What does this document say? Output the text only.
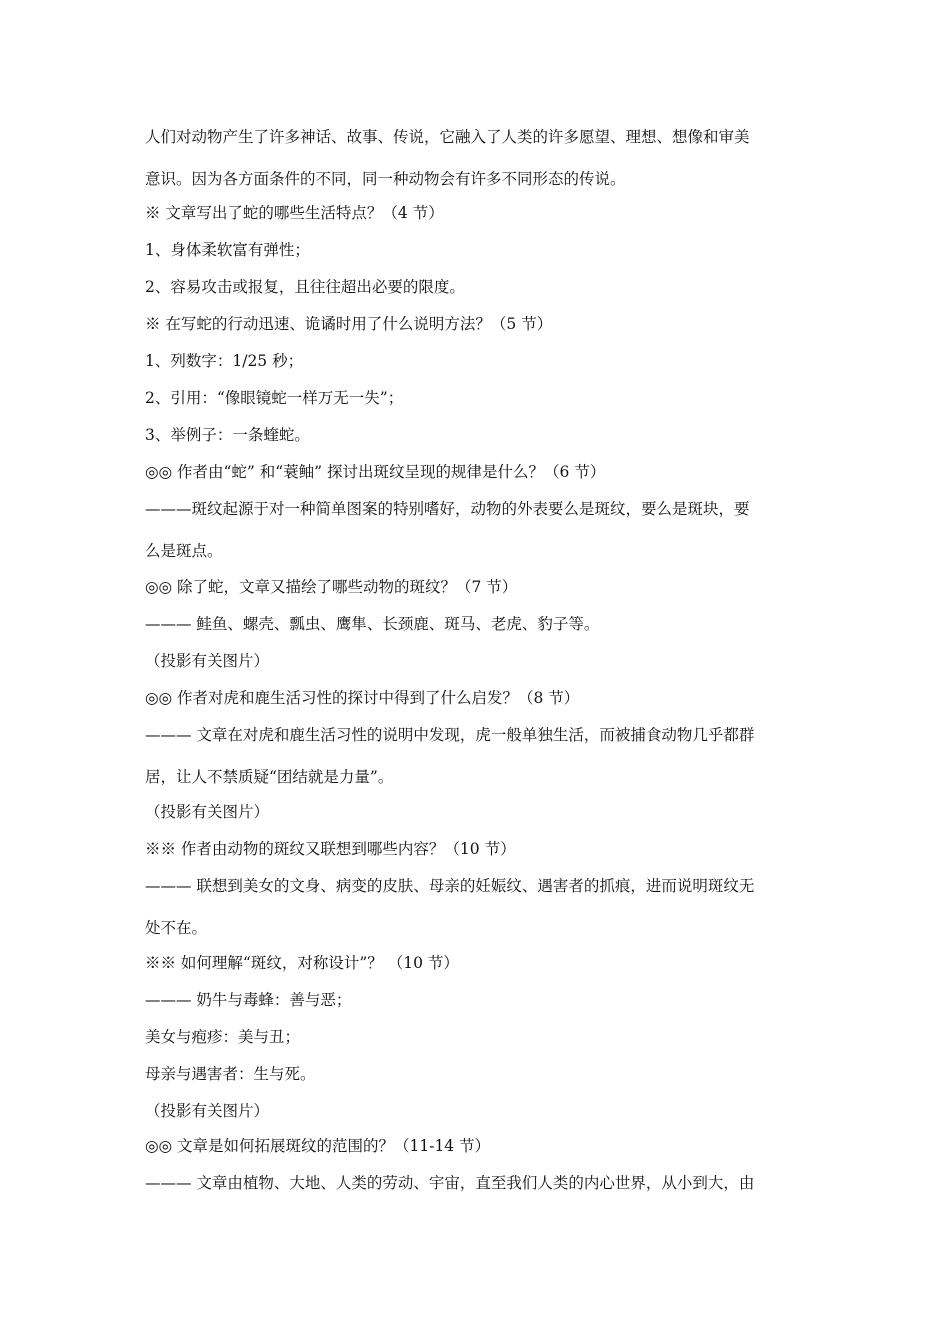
人们对动物产生了许多神话、故事、传说，它融入了人类的许多愿望、理想、想像和审美
意识。因为各方面条件的不同，同一种动物会有许多不同形态的传说。
※ 文章写出了蛇的哪些生活特点？（4 节）
1、身体柔软富有弹性；
2、容易攻击或报复，且往往超出必要的限度。
※ 在写蛇的行动迅速、诡谲时用了什么说明方法？（5 节）
1、列数字：1/25 秒；
2、引用：“像眼镜蛇一样万无一失”；
3、举例子：一条蝰蛇。
◎◎ 作者由“蛇” 和“蓑鲉” 探讨出斑纹呈现的规律是什么？（6 节）
———斑纹起源于对一种简单图案的特别嗜好，动物的外表要么是斑纹，要么是斑块，要
么是斑点。
◎◎ 除了蛇，文章又描绘了哪些动物的斑纹？（7 节）
——— 鲑鱼、螺壳、瓢虫、鹰隼、长颈鹿、斑马、老虎、豹子等。
（投影有关图片）
◎◎ 作者对虎和鹿生活习性的探讨中得到了什么启发？（8 节）
——— 文章在对虎和鹿生活习性的说明中发现，虎一般单独生活，而被捕食动物几乎都群
居，让人不禁质疑“团结就是力量”。
（投影有关图片）
※※ 作者由动物的斑纹又联想到哪些内容？（10 节）
——— 联想到美女的文身、病变的皮肤、母亲的妊娠纹、遇害者的抓痕，进而说明斑纹无
处不在。
※※ 如何理解“斑纹，对称设计”？ （10 节）
——— 奶牛与毒蜂：善与恶；
美女与疱疹：美与丑；
母亲与遇害者：生与死。
（投影有关图片）
◎◎ 文章是如何拓展斑纹的范围的？（11-14 节）
——— 文章由植物、大地、人类的劳动、宇宙，直至我们人类的内心世界，从小到大，由
